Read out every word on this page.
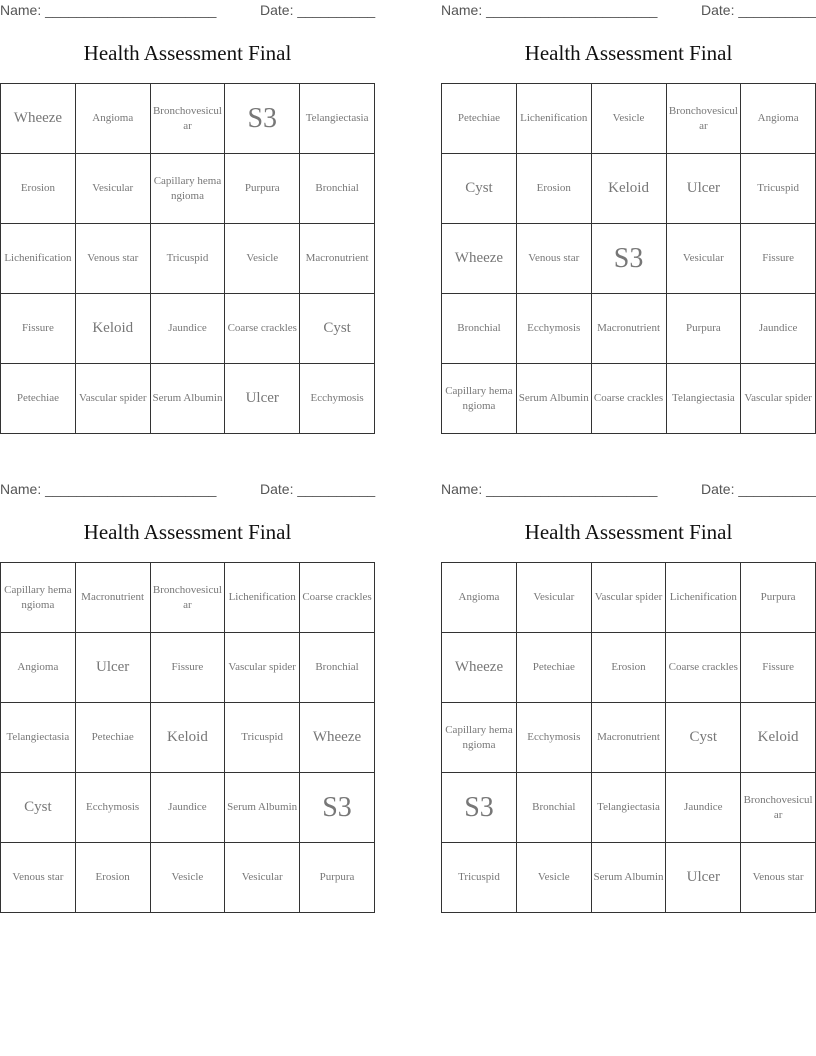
Name: ______________________	Date: __________
Health Assessment Final
Wheeze	Angioma	Bronchovesicular	S3	Telangiectasia
Erosion	Vesicular	Capillary hemangioma	Purpura	Bronchial
Lichenification	Venous star	Tricuspid	Vesicle	Macronutrient
Fissure	Keloid	Jaundice	Coarse crackles	Cyst
Petechiae	Vascular spider	Serum Albumin	Ulcer	Ecchymosis
Name: ______________________	Date: __________
Health Assessment Final
Petechiae	Lichenification	Vesicle	Bronchovesicular	Angioma
Cyst	Erosion	Keloid	Ulcer	Tricuspid
Wheeze	Venous star	S3	Vesicular	Fissure
Bronchial	Ecchymosis	Macronutrient	Purpura	Jaundice
Capillary hemangioma	Serum Albumin	Coarse crackles	Telangiectasia	Vascular spider
Name: ______________________	Date: __________
Health Assessment Final
Capillary hemangioma	Macronutrient	Bronchovesicular	Lichenification	Coarse crackles
Angioma	Ulcer	Fissure	Vascular spider	Bronchial
Telangiectasia	Petechiae	Keloid	Tricuspid	Wheeze
Cyst	Ecchymosis	Jaundice	Serum Albumin	S3
Venous star	Erosion	Vesicle	Vesicular	Purpura
Name: ______________________	Date: __________
Health Assessment Final
Angioma	Vesicular	Vascular spider	Lichenification	Purpura
Wheeze	Petechiae	Erosion	Coarse crackles	Fissure
Capillary hemangioma	Ecchymosis	Macronutrient	Cyst	Keloid
S3	Bronchial	Telangiectasia	Jaundice	Bronchovesicular
Tricuspid	Vesicle	Serum Albumin	Ulcer	Venous star
